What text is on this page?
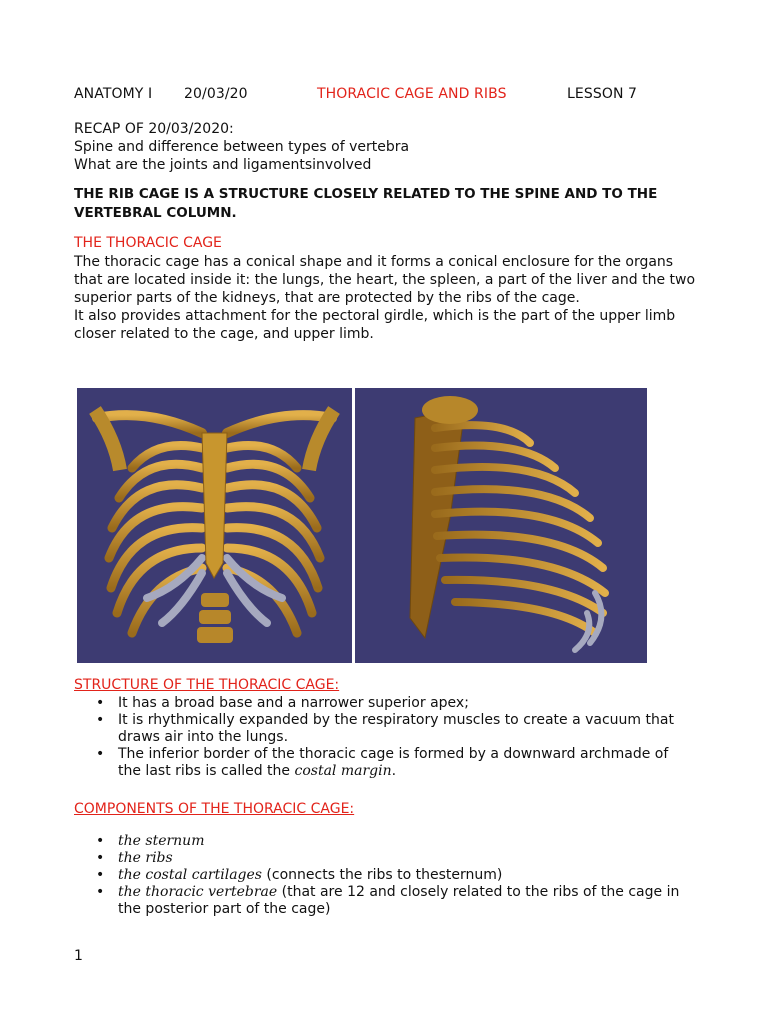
ANATOMY I 20/03/20	THORACIC CAGE AND RIBS	LESSON 7
RECAP OF 20/03/2020:
Spine and difference between types of vertebra
What are the joints and ligamentsinvolved
THE RIB CAGE IS A STRUCTURE CLOSELY RELATED TO THE SPINE AND TO THE VERTEBRAL COLUMN.
THE THORACIC CAGE

The thoracic cage has a conical shape and it forms a conical enclosure for the organs that are located inside it: the lungs, the heart, the spleen, a part of the liver and the two superior parts of the kidneys, that are protected by the ribs of the cage.

It also provides attachment for the pectoral girdle, which is the part of the upper limb closer related to the cage, and upper limb.

STRUCTURE OF THE THORACIC CAGE:
• It has a broad base and a narrower superior apex;
• It is rhythmically expanded by the respiratory muscles to create a vacuum that draws air into the lungs.
• The inferior border of the thoracic cage is formed by a downward archmade of the last ribs is called the costal margin.
COMPONENTS OF THE THORACIC CAGE:
• the sternum
• the ribs
• the costal cartilages (connects the ribs to thesternum)
• the thoracic vertebrae (that are 12 and closely related to the ribs of the cage in the posterior part of the cage)
1
